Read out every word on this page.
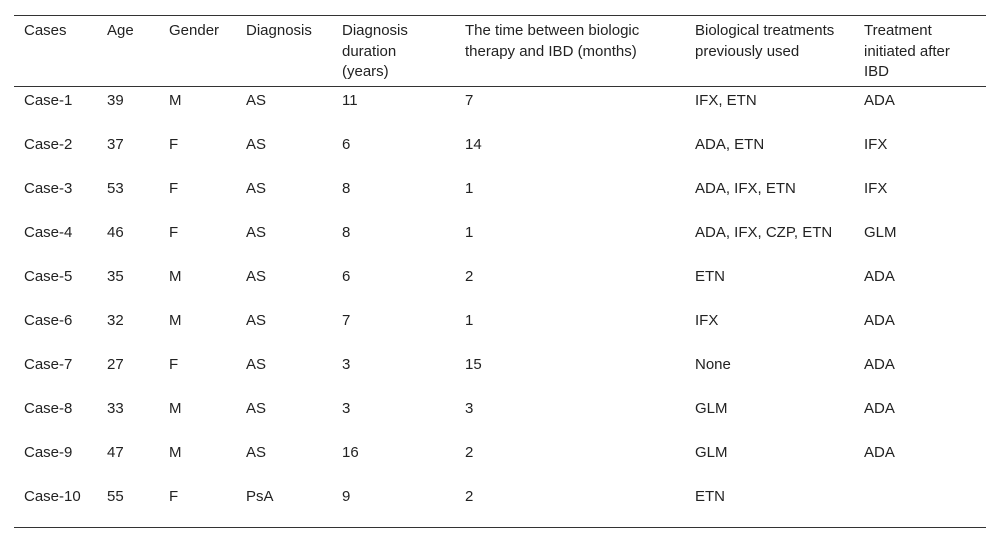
Cases	Age	Gender	Diagnosis	Diagnosis duration (years)	The time between biologic therapy and IBD (months)	Biological treatments previously used	Treatment initiated after IBD
Case-1	39	M	AS	11	7	IFX, ETN	ADA
Case-2	37	F	AS	6	14	ADA, ETN	IFX
Case-3	53	F	AS	8	1	ADA, IFX, ETN	IFX
Case-4	46	F	AS	8	1	ADA, IFX, CZP, ETN	GLM
Case-5	35	M	AS	6	2	ETN	ADA
Case-6	32	M	AS	7	1	IFX	ADA
Case-7	27	F	AS	3	15	None	ADA
Case-8	33	M	AS	3	3	GLM	ADA
Case-9	47	M	AS	16	2	GLM	ADA
Case-10	55	F	PsA	9	2	ETN	
